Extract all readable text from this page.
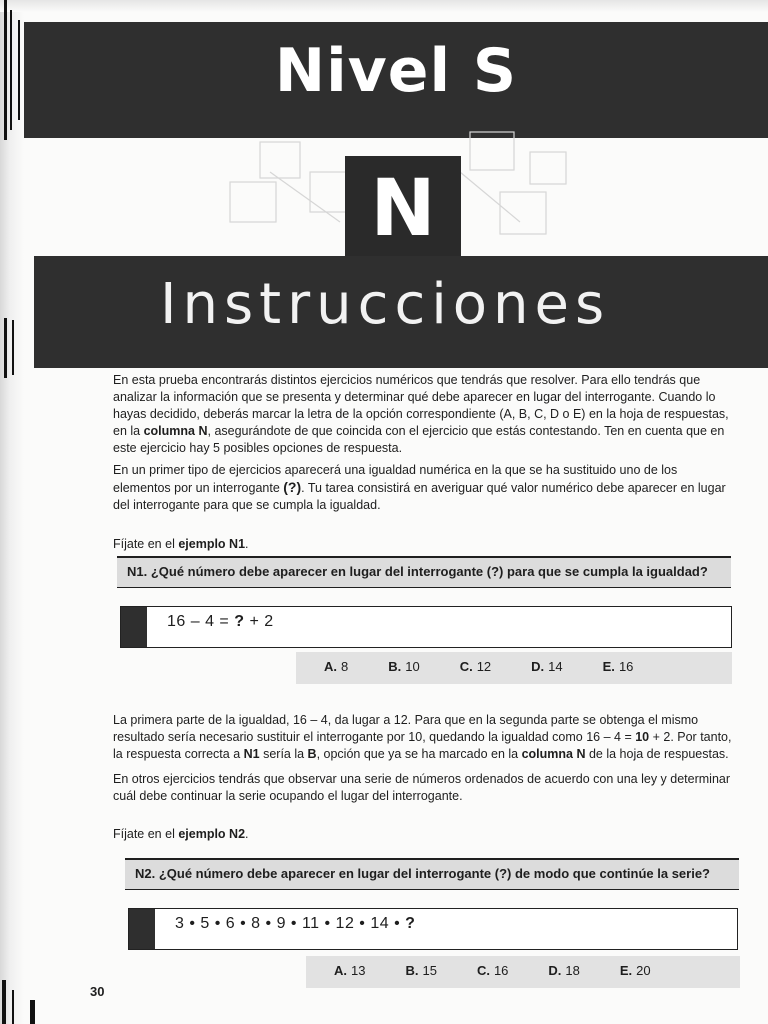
Nivel S
N
Instrucciones

En esta prueba encontrarás distintos ejercicios numéricos que tendrás que resolver. Para ello tendrás que analizar la información que se presenta y determinar qué debe aparecer en lugar del interrogante. Cuando lo hayas decidido, deberás marcar la letra de la opción correspondiente (A, B, C, D o E) en la hoja de respuestas, en la columna N, asegurándote de que coincida con el ejercicio que estás contestando. Ten en cuenta que en este ejercicio hay 5 posibles opciones de respuesta.

En un primer tipo de ejercicios aparecerá una igualdad numérica en la que se ha sustituido uno de los elementos por un interrogante (?). Tu tarea consistirá en averiguar qué valor numérico debe aparecer en lugar del interrogante para que se cumpla la igualdad.

Fíjate en el ejemplo N1.

N1. ¿Qué número debe aparecer en lugar del interrogante (?) para que se cumpla la igualdad?
16 – 4 = ? + 2
A. 8	B. 10	C. 12	D. 14	E. 16

La primera parte de la igualdad, 16 – 4, da lugar a 12. Para que en la segunda parte se obtenga el mismo resultado sería necesario sustituir el interrogante por 10, quedando la igualdad como 16 – 4 = 10 + 2. Por tanto, la respuesta correcta a N1 sería la B, opción que ya se ha marcado en la columna N de la hoja de respuestas.

En otros ejercicios tendrás que observar una serie de números ordenados de acuerdo con una ley y determinar cuál debe continuar la serie ocupando el lugar del interrogante.

Fíjate en el ejemplo N2.

N2. ¿Qué número debe aparecer en lugar del interrogante (?) de modo que continúe la serie?
3 • 5 • 6 • 8 • 9 • 11 • 12 • 14 • ?
A. 13	B. 15	C. 16	D. 18	E. 20
30
